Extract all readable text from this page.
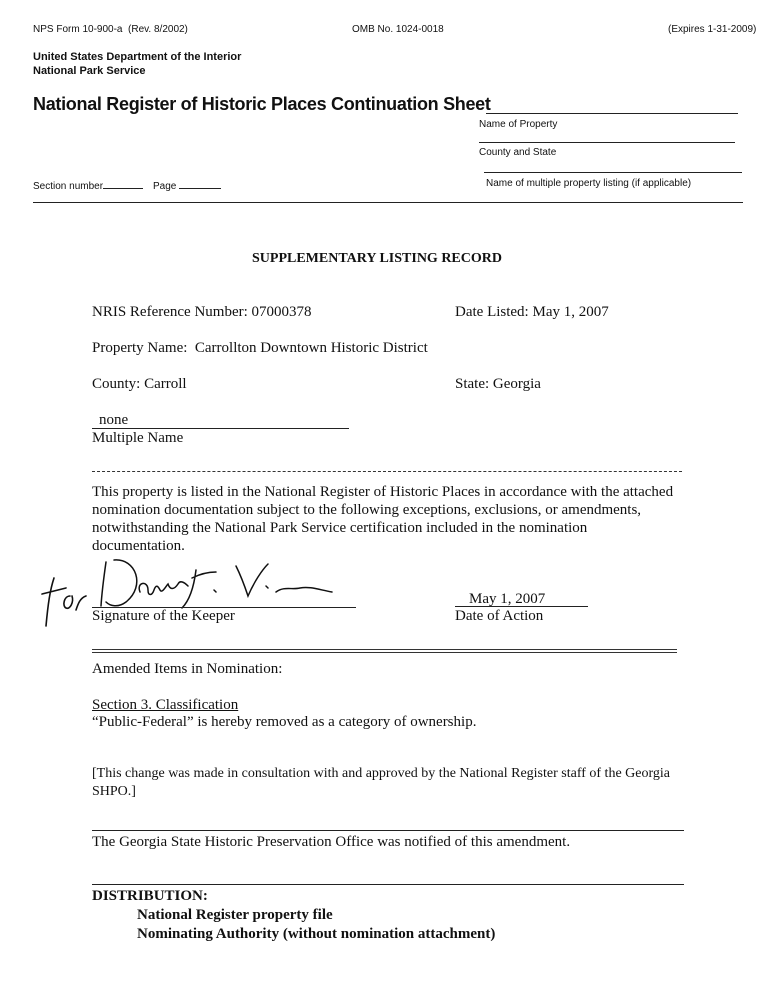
NPS Form 10-900-a (Rev. 8/2002)	OMB No. 1024-0018	(Expires 1-31-2009)
United States Department of the Interior
National Park Service
National Register of Historic Places Continuation Sheet
Name of Property
County and State
Name of multiple property listing (if applicable)
Section number	Page
SUPPLEMENTARY LISTING RECORD
NRIS Reference Number: 07000378	Date Listed: May 1, 2007
Property Name: Carrollton Downtown Historic District
County: Carroll	State: Georgia
none
Multiple Name
This property is listed in the National Register of Historic Places in accordance with the attached
nomination documentation subject to the following exceptions, exclusions, or amendments,
notwithstanding the National Park Service certification included in the nomination
documentation.
Signature of the Keeper
May 1, 2007
Date of Action
Amended Items in Nomination:
Section 3. Classification
“Public-Federal” is hereby removed as a category of ownership.
[This change was made in consultation with and approved by the National Register staff of the Georgia
SHPO.]
The Georgia State Historic Preservation Office was notified of this amendment.
DISTRIBUTION:
National Register property file
Nominating Authority (without nomination attachment)
